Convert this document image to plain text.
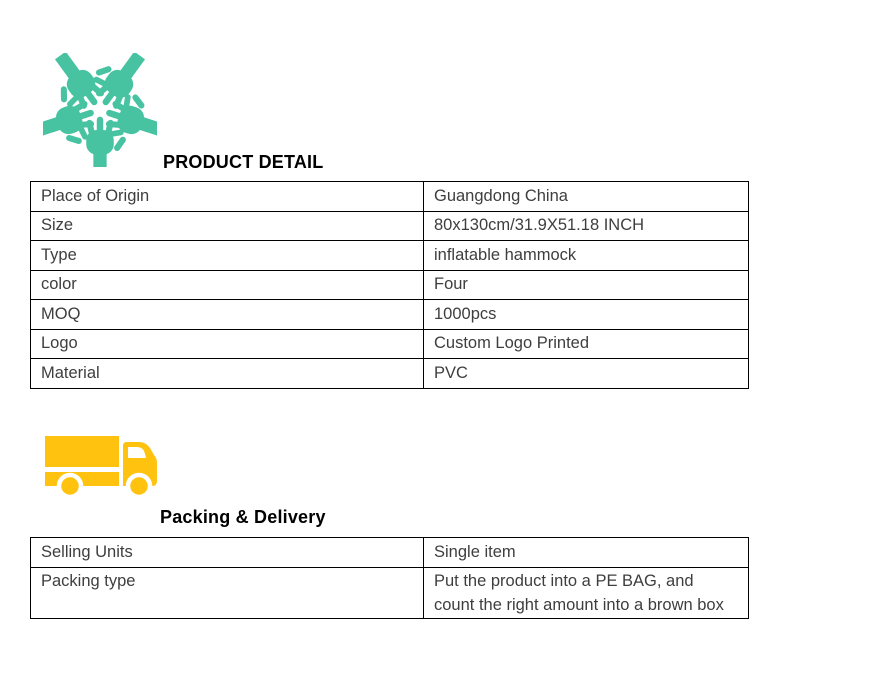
PRODUCT DETAIL
Place of Origin	Guangdong China
Size	80x130cm/31.9X51.18 INCH
Type	inflatable hammock
color	Four
MOQ	1000pcs
Logo	Custom Logo Printed
Material	PVC
Packing & Delivery
Selling Units	Single item
Packing type	Put the product into a PE BAG, and count the right amount into a brown box
